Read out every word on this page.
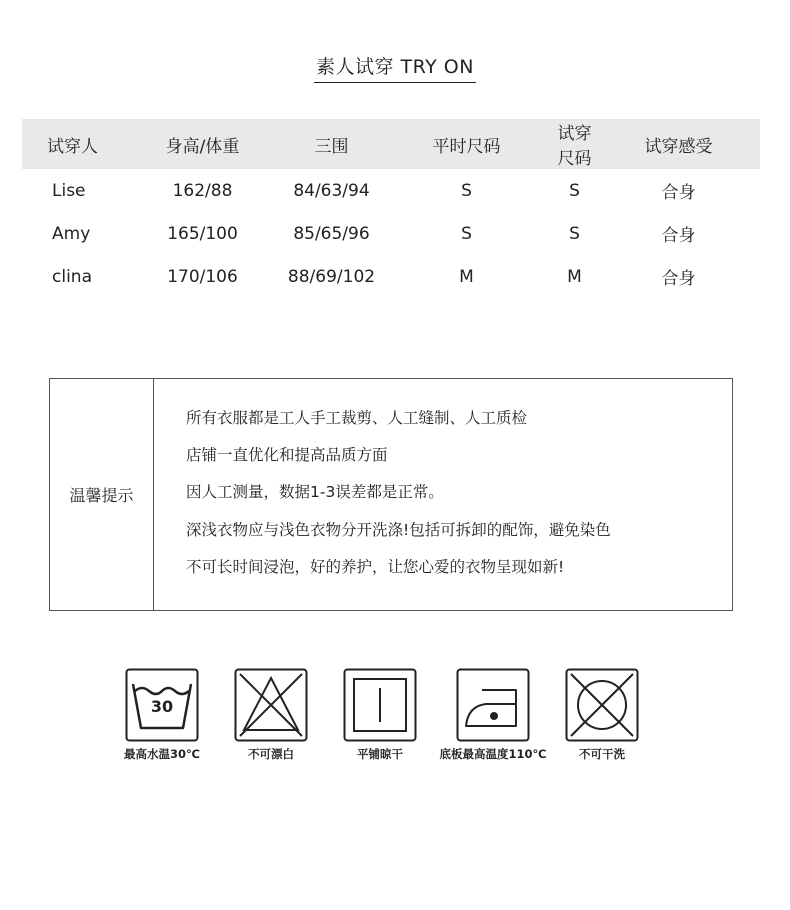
素人试穿 TRY ON
试穿人	身高/体重	三围	平时尺码	试穿尺码	试穿感受
Lise	162/88	84/63/94	S	S	合身
Amy	165/100	85/65/96	S	S	合身
clina	170/106	88/69/102	M	M	合身
温馨提示
所有衣服都是工人手工裁剪、人工缝制、人工质检
店铺一直优化和提高品质方面
因人工测量，数据1-3误差都是正常。
深浅衣物应与浅色衣物分开洗涤!包括可拆卸的配饰，避免染色
不可长时间浸泡，好的养护，让您心爱的衣物呈现如新!
30
最高水温30℃	不可漂白	平铺晾干	底板最高温度110℃	不可干洗
